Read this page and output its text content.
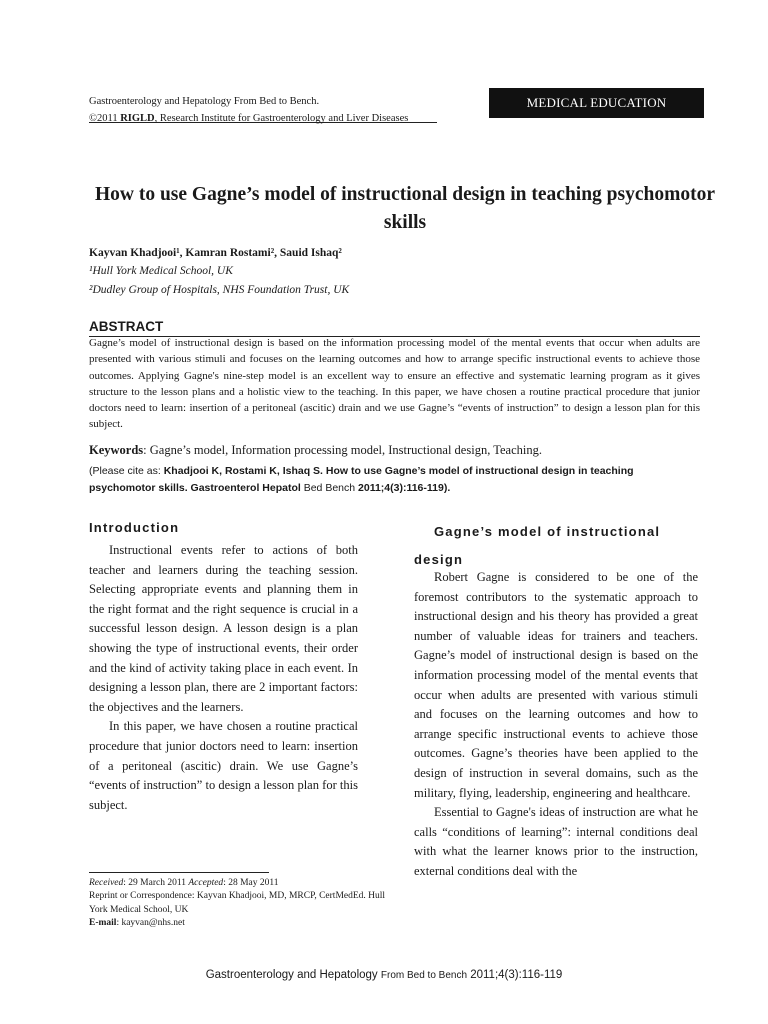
Gastroenterology and Hepatology From Bed to Bench.
©2011 RIGLD, Research Institute for Gastroenterology and Liver Diseases
MEDICAL EDUCATION
How to use Gagne’s model of instructional design in teaching psychomotor skills
Kayvan Khadjooi¹, Kamran Rostami², Sauid Ishaq²
¹Hull York Medical School, UK
²Dudley Group of Hospitals, NHS Foundation Trust, UK
ABSTRACT
Gagne’s model of instructional design is based on the information processing model of the mental events that occur when adults are presented with various stimuli and focuses on the learning outcomes and how to arrange specific instructional events to achieve those outcomes. Applying Gagne's nine-step model is an excellent way to ensure an effective and systematic learning program as it gives structure to the lesson plans and a holistic view to the teaching. In this paper, we have chosen a routine practical procedure that junior doctors need to learn: insertion of a peritoneal (ascitic) drain and we use Gagne’s “events of instruction” to design a lesson plan for this subject.
Keywords: Gagne’s model, Information processing model, Instructional design, Teaching.
(Please cite as: Khadjooi K, Rostami K, Ishaq S. How to use Gagne’s model of instructional design in teaching psychomotor skills. Gastroenterol Hepatol Bed Bench 2011;4(3):116-119).
Introduction

Instructional events refer to actions of both teacher and learners during the teaching session. Selecting appropriate events and planning them in the right format and the right sequence is crucial in a successful lesson design. A lesson design is a plan showing the type of instructional events, their order and the kind of activity taking place in each event. In designing a lesson plan, there are 2 important factors: the objectives and the learners.

In this paper, we have chosen a routine practical procedure that junior doctors need to learn: insertion of a peritoneal (ascitic) drain. We use Gagne’s “events of instruction” to design a lesson plan for this subject.

Gagne’s model of instructional design

Robert Gagne is considered to be one of the foremost contributors to the systematic approach to instructional design and his theory has provided a great number of valuable ideas for trainers and teachers. Gagne’s model of instructional design is based on the information processing model of the mental events that occur when adults are presented with various stimuli and focuses on the learning outcomes and how to arrange specific instructional events to achieve those outcomes. Gagne’s theories have been applied to the design of instruction in several domains, such as the military, flying, leadership, engineering and healthcare.

Essential to Gagne's ideas of instruction are what he calls “conditions of learning”: internal conditions deal with what the learner knows prior to the instruction, external conditions deal with the

Received: 29 March 2011 Accepted: 28 May 2011
Reprint or Correspondence: Kayvan Khadjooi, MD, MRCP, CertMedEd. Hull York Medical School, UK
E-mail: kayvan@nhs.net
Gastroenterology and Hepatology From Bed to Bench 2011;4(3):116-119
